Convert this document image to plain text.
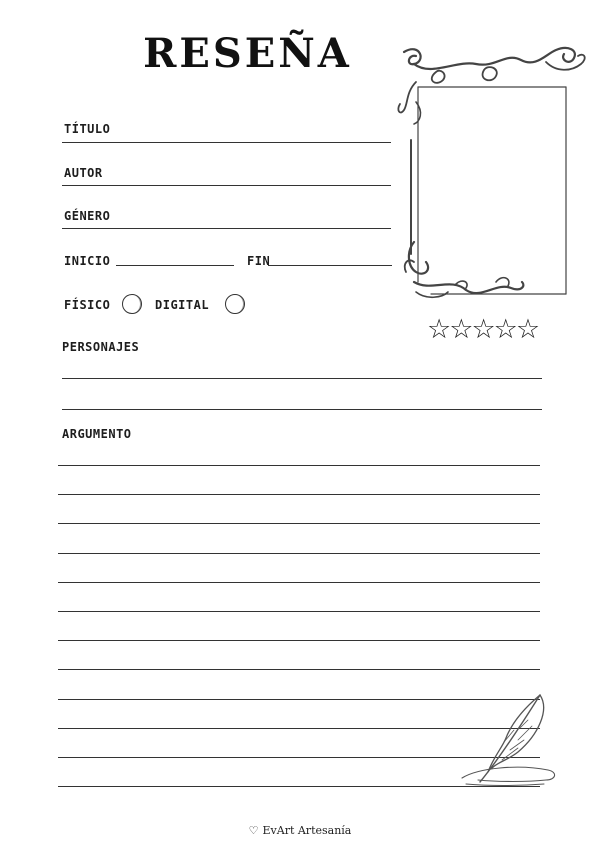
RESEÑA
TÍTULO
AUTOR
GÉNERO
INICIO	FIN
FÍSICO	DIGITAL
☆☆☆☆☆
PERSONAJES
ARGUMENTO
♡ EvArt Artesanía
